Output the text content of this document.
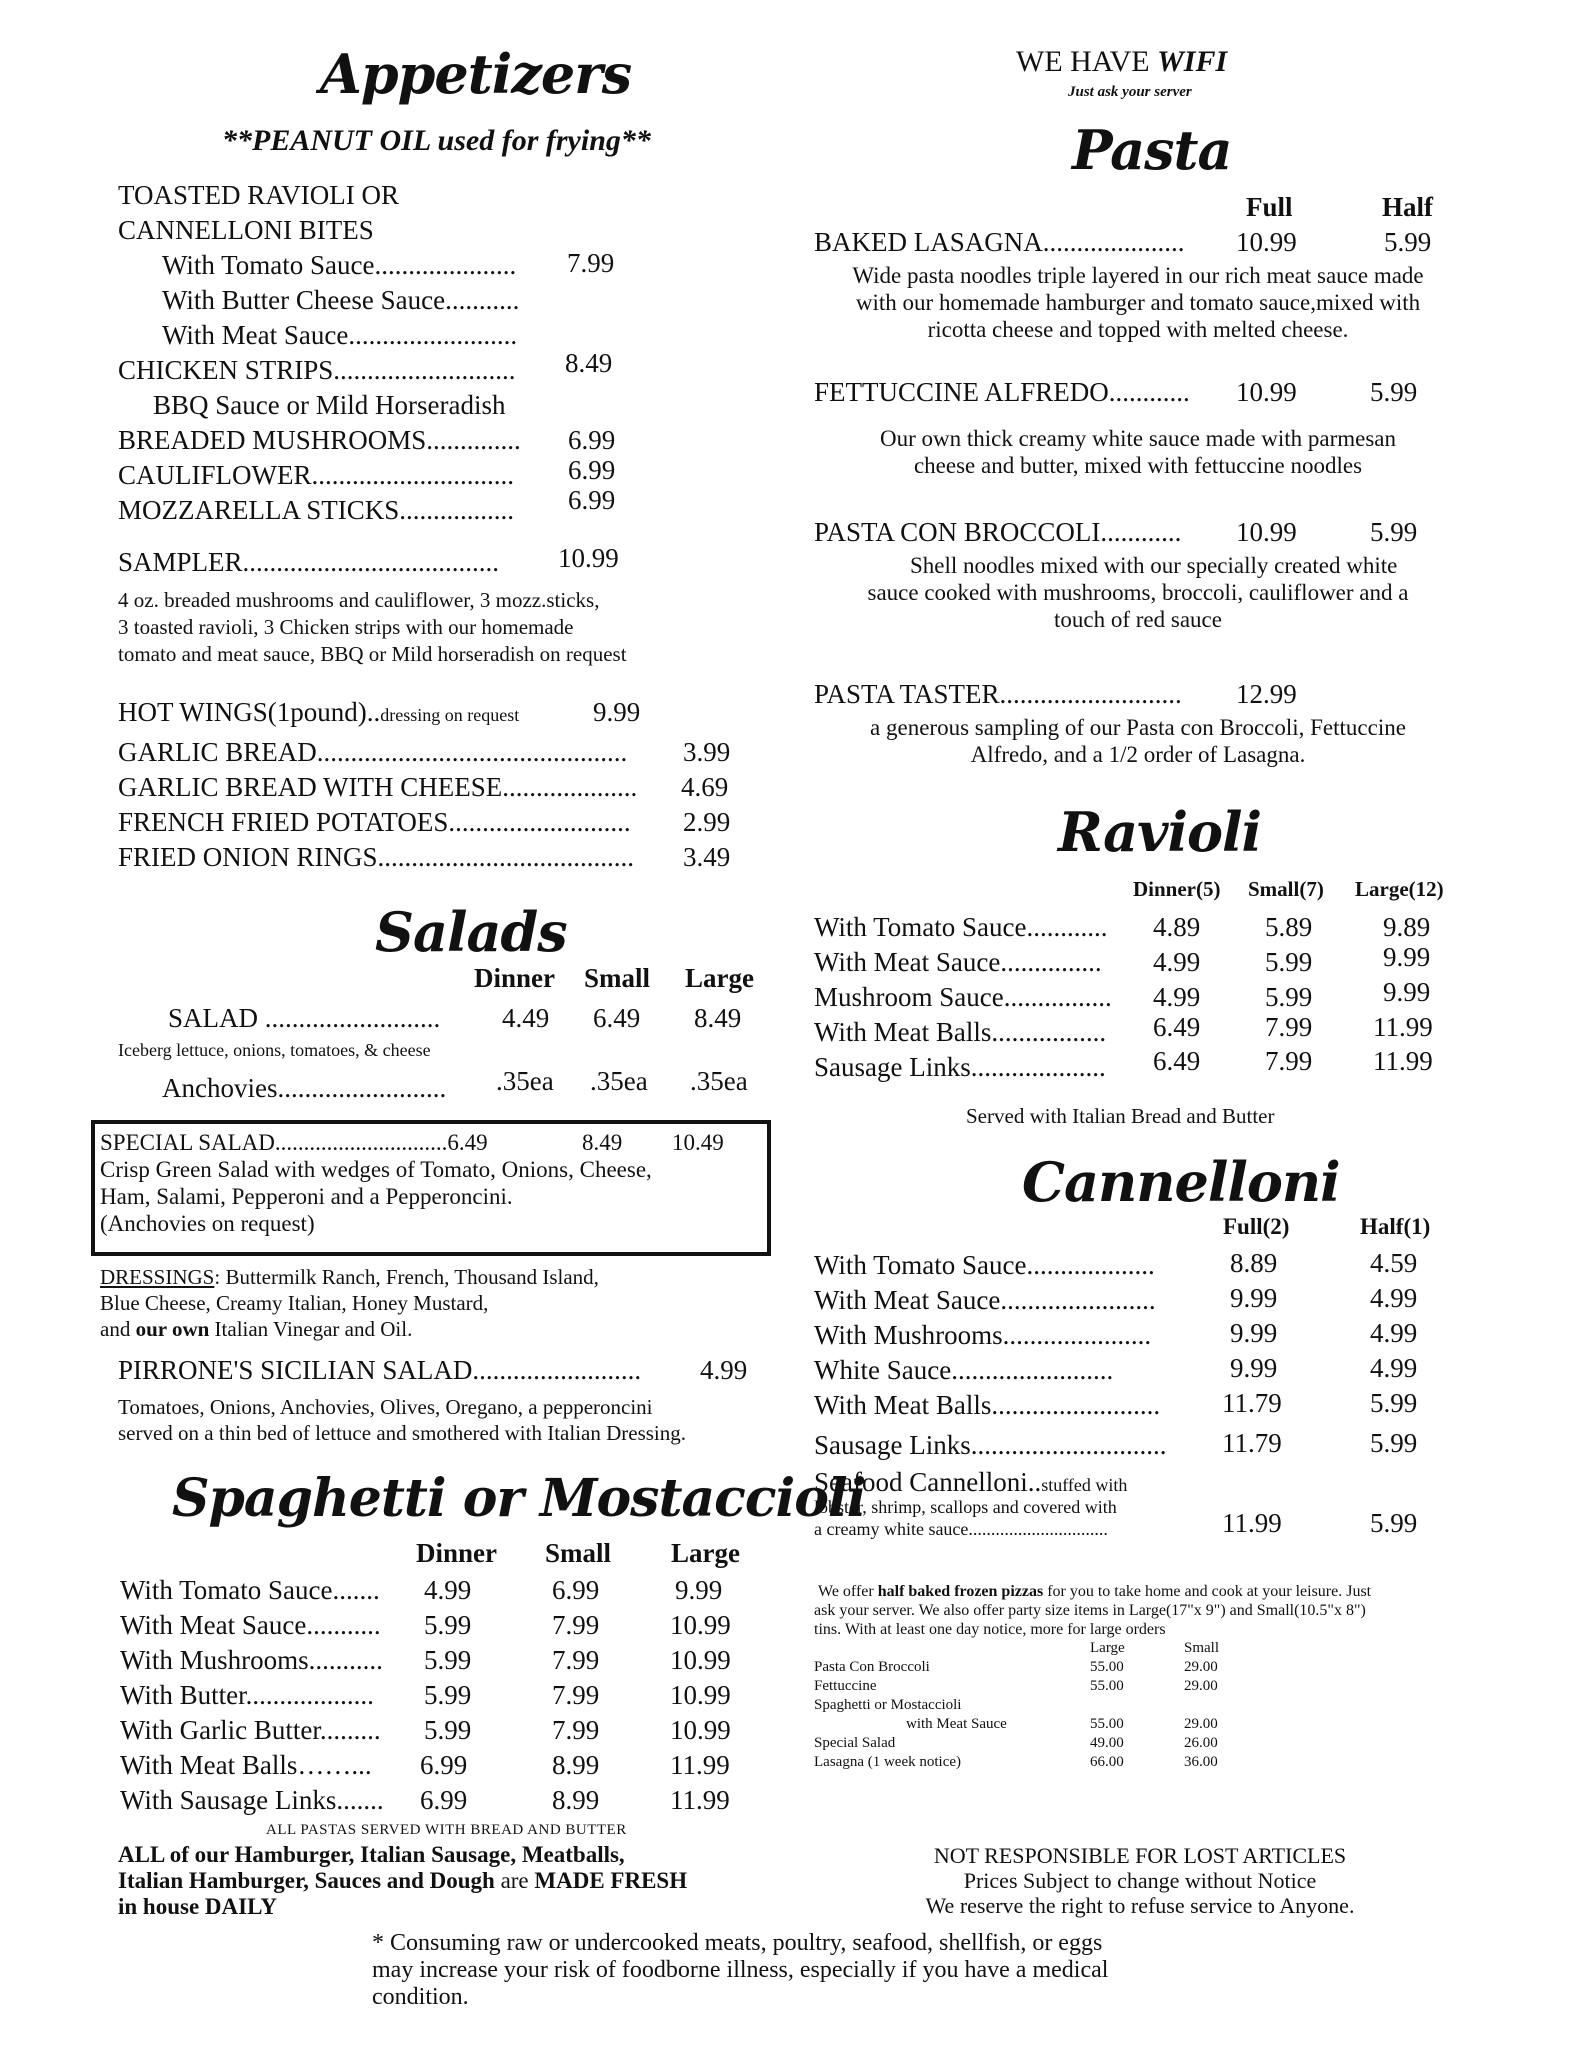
Appetizers
**PEANUT OIL used for frying**
TOASTED RAVIOLI OR
CANNELLONI BITES
With Tomato Sauce..................... 7.99
With Butter Cheese Sauce...........
With Meat Sauce.........................
CHICKEN STRIPS........................... 8.49
BBQ Sauce or Mild Horseradish
BREADED MUSHROOMS.............. 6.99
CAULIFLOWER.............................. 6.99
MOZZARELLA STICKS................. 6.99
SAMPLER...................................... 10.99
4 oz. breaded mushrooms and cauliflower, 3 mozz.sticks,
3 toasted ravioli, 3 Chicken strips with our homemade
tomato and meat sauce, BBQ or Mild horseradish on request
HOT WINGS(1pound)..dressing on request	9.99
GARLIC BREAD.............................................. 3.99
GARLIC BREAD WITH CHEESE.................... 4.69
FRENCH FRIED POTATOES........................... 2.99
FRIED ONION RINGS...................................... 3.49
Salads
Dinner Small Large
SALAD .......................... 4.49 6.49 8.49
Iceberg lettuce, onions, tomatoes, & cheese
Anchovies......................... .35ea .35ea .35ea
SPECIAL SALAD..............................6.49	8.49 10.49
Crisp Green Salad with wedges of Tomato, Onions, Cheese,
Ham, Salami, Pepperoni and a Pepperoncini.
(Anchovies on request)
DRESSINGS: Buttermilk Ranch, French, Thousand Island,
Blue Cheese, Creamy Italian, Honey Mustard,
and our own Italian Vinegar and Oil.
PIRRONE'S SICILIAN SALAD......................... 4.99
Tomatoes, Onions, Anchovies, Olives, Oregano, a pepperoncini
served on a thin bed of lettuce and smothered with Italian Dressing.
Spaghetti or Mostaccioli
Dinner Small Large
With Tomato Sauce....... 4.99	6.99	9.99
With Meat Sauce........... 5.99	7.99	10.99
With Mushrooms........... 5.99	7.99	10.99
With Butter................... 5.99	7.99	10.99
With Garlic Butter......... 5.99	7.99	10.99
With Meat Balls……... 6.99	8.99	11.99
With Sausage Links....... 6.99	8.99	11.99
ALL PASTAS SERVED WITH BREAD AND BUTTER
ALL of our Hamburger, Italian Sausage, Meatballs,
Italian Hamburger, Sauces and Dough are MADE FRESH
in house DAILY
WE HAVE WIFI
Just ask your server
Pasta
Full	Half
BAKED LASAGNA..................... 10.99	5.99
Wide pasta noodles triple layered in our rich meat sauce made
with our homemade hamburger and tomato sauce,mixed with
ricotta cheese and topped with melted cheese.
FETTUCCINE ALFREDO............ 10.99	5.99
Our own thick creamy white sauce made with parmesan
cheese and butter, mixed with fettuccine noodles
PASTA CON BROCCOLI............ 10.99	5.99
Shell noodles mixed with our specially created white
sauce cooked with mushrooms, broccoli, cauliflower and a
touch of red sauce
PASTA TASTER........................... 12.99
a generous sampling of our Pasta con Broccoli, Fettuccine
Alfredo, and a 1/2 order of Lasagna.
Ravioli
Dinner(5) Small(7) Large(12)
With Tomato Sauce............ 4.89 5.89	9.89
With Meat Sauce............... 4.99 5.99	9.99
Mushroom Sauce................ 4.99 5.99	9.99
With Meat Balls................. 6.49 7.99 11.99
Sausage Links.................... 6.49 7.99 11.99
Served with Italian Bread and Butter
Cannelloni
Full(2)	Half(1)
With Tomato Sauce...................	8.89	4.59
With Meat Sauce.......................	9.99	4.99
With Mushrooms......................	9.99	4.99
White Sauce........................	9.99	4.99
With Meat Balls......................... 11.79	5.99
Sausage Links............................. 11.79	5.99
Seafood Cannelloni..stuffed with
lobster, shrimp, scallops and covered with
a creamy white sauce...............................	11.99	5.99
We offer half baked frozen pizzas for you to take home and cook at your leisure. Just
ask your server. We also offer party size items in Large(17"x 9") and Small(10.5"x 8")
tins. With at least one day notice, more for large orders
Large	Small
Pasta Con Broccoli	55.00	29.00
Fettuccine	55.00	29.00
Spaghetti or Mostaccioli
with Meat Sauce	55.00	29.00
Special Salad	49.00	26.00
Lasagna (1 week notice)	66.00	36.00
NOT RESPONSIBLE FOR LOST ARTICLES
Prices Subject to change without Notice
We reserve the right to refuse service to Anyone.
* Consuming raw or undercooked meats, poultry, seafood, shellfish, or eggs
may increase your risk of foodborne illness, especially if you have a medical
condition.
